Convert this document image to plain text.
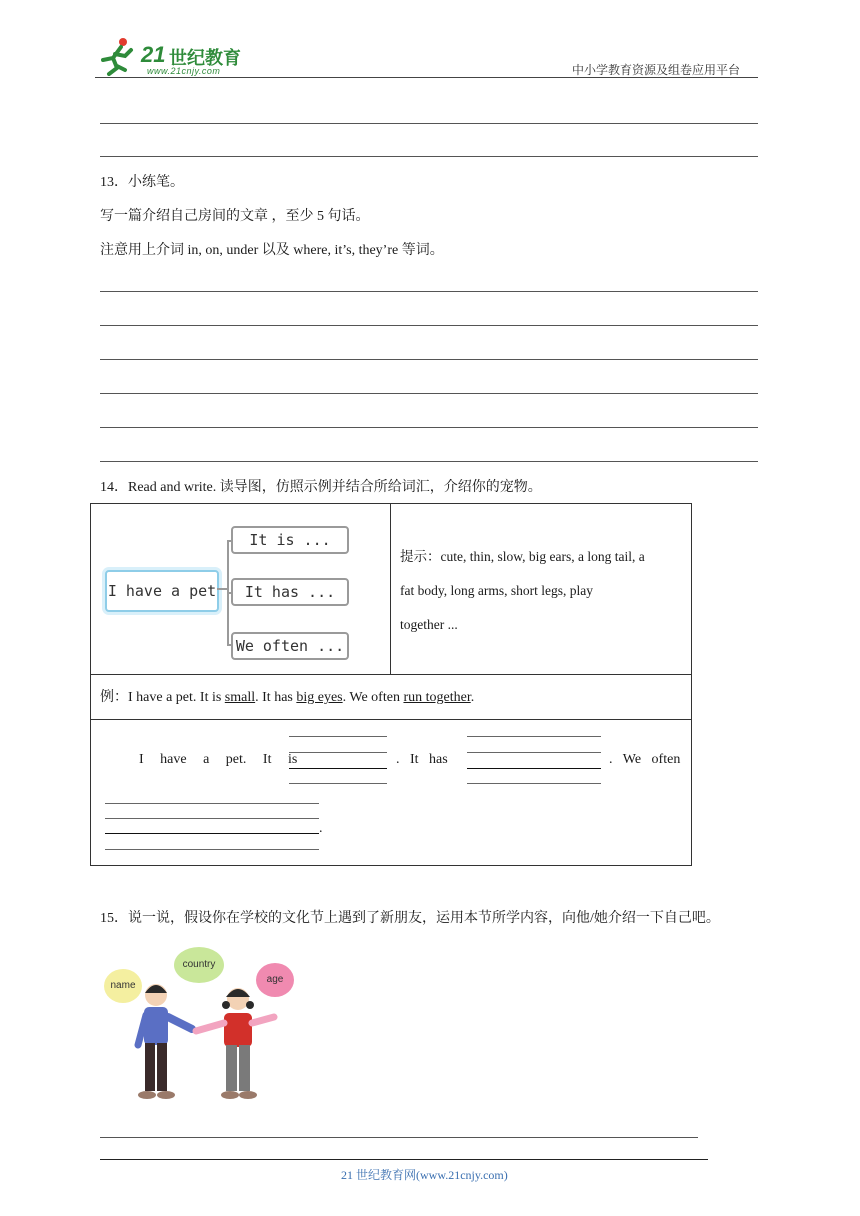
21 世纪教育
www.21cnjy.com	中小学教育资源及组卷应用平台
13．小练笔。
写一篇介绍自己房间的文章 ，至少 5 句话。
注意用上介词 in, on, under 以及 where, it’s, they’re 等词。
14．Read and write. 读导图，仿照示例并结合所给词汇，介绍你的宠物。
I have a pet
It is ...
It has ...
We often ...

提示：cute, thin, slow, big ears, a long tail, a
fat body, long arms, short legs, play
together ...

例：I have a pet. It is small. It has big eyes. We often run together.

I   have   a   pet.   It   is	.   It   has	.   We   often
.
15．说一说，假设你在学校的文化节上遇到了新朋友，运用本节所学内容，向他/她介绍一下自己吧。
name
country
age
21 世纪教育网(www.21cnjy.com)
